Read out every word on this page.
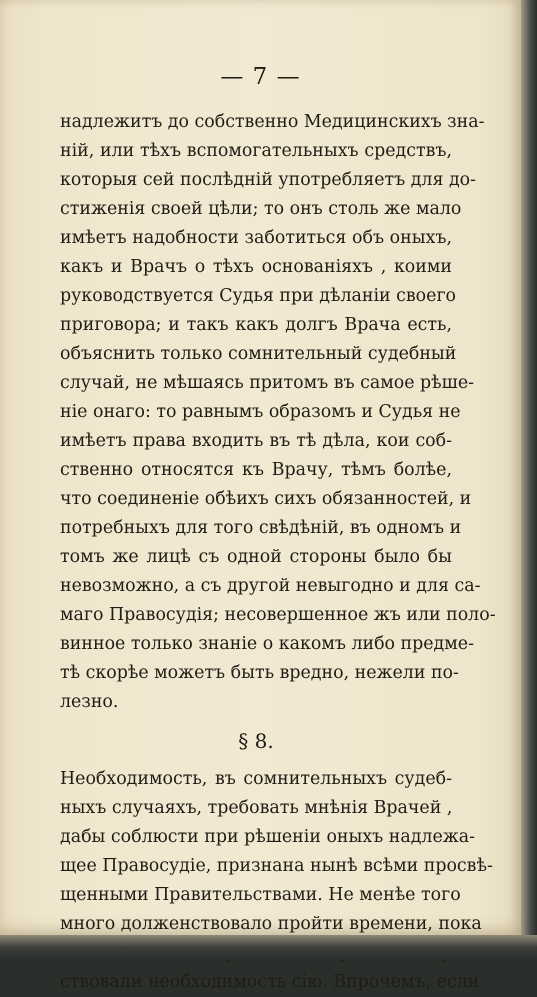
— 7 —
надлежитъ до собственно Медицинскихъ зна-
ній, или тѣхъ вспомогательныхъ средствъ,
которыя сей послѣдній употребляетъ для до-
стиженія своей цѣли; то онъ столь же мало
имѣетъ надобности заботиться объ оныхъ,
какъ и Врачъ о тѣхъ основаніяхъ , коими
руководствуется Судья при дѣланіи своего
приговора; и такъ какъ долгъ Врача есть,
объяснить только сомнительный судебный
случай, не мѣшаясь притомъ въ самое рѣше-
ніе онаго: то равнымъ образомъ и Судья не
имѣетъ права входить въ тѣ дѣла, кои соб-
ственно относятся къ Врачу, тѣмъ болѣе,
что соединеніе обѣихъ сихъ обязанностей, и
потребныхъ для того свѣдѣній, въ одномъ и
томъ же лицѣ съ одной стороны было бы
невозможно, а съ другой невыгодно и для са-
маго Правосудія; несовершенное жъ или поло-
винное только знаніе о какомъ либо предме-
тѣ скорѣе можетъ быть вредно, нежели по-
лезно.
§ 8.
Необходимость, въ сомнительныхъ судеб-
ныхъ случаяхъ, требовать мнѣнія Врачей ,
дабы соблюсти при рѣшеніи оныхъ надлежа-
щее Правосудіе, признана нынѣ всѣми просвѣ-
щенными Правительствами. Не менѣе того
много долженствовало пройти времени, пока
ствовали необходимость сію. Впрочемъ, если
